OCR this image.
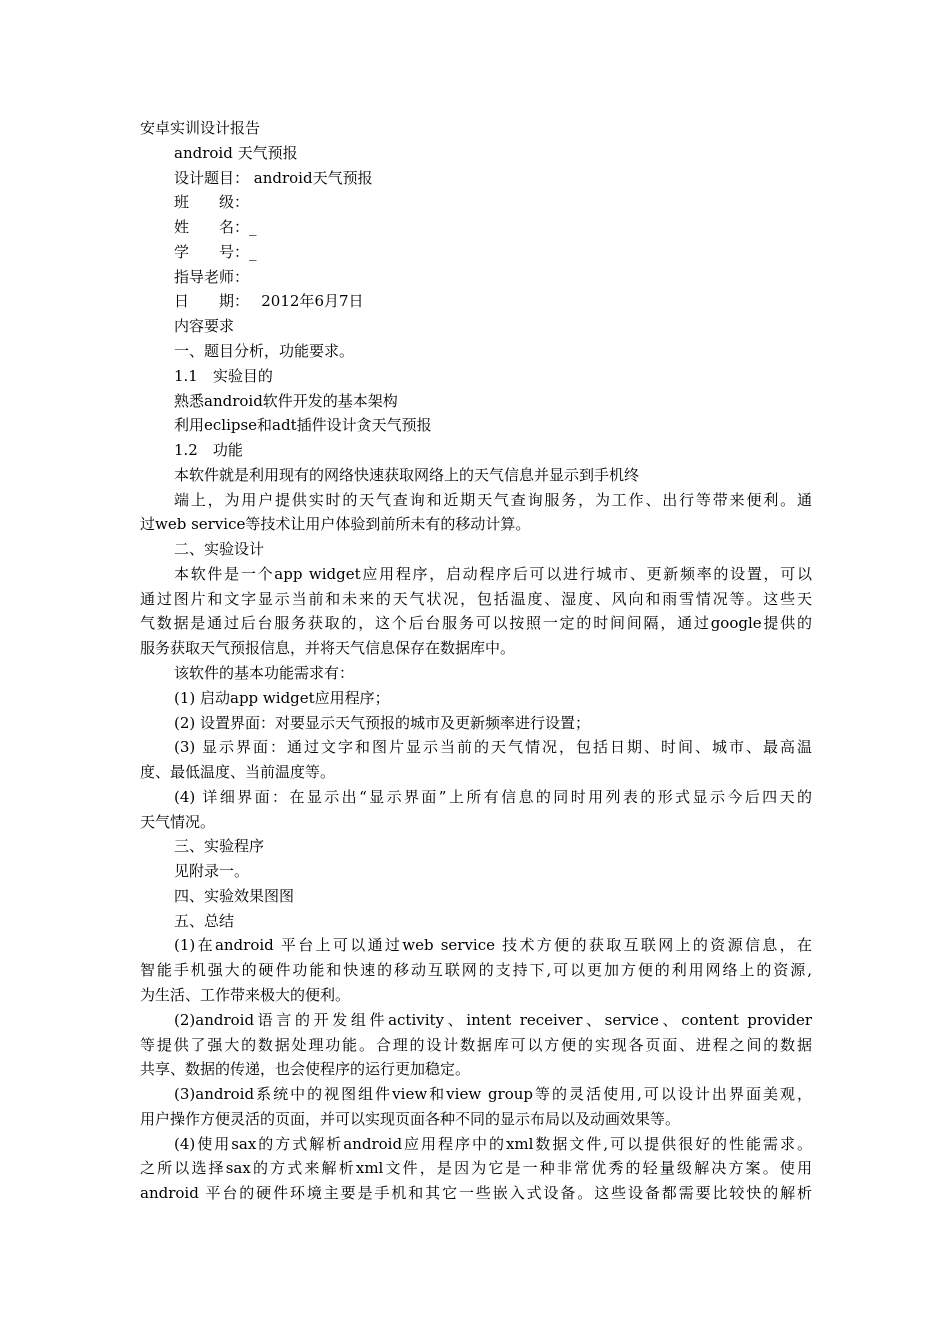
安卓实训设计报告
android 天气预报
设计题目： android天气预报
班　　级：
姓　　名：_
学　　号：_
指导老师：
日　　期：　 2012年6月7日
内容要求
一、题目分析，功能要求。
1.1　实验目的
熟悉android软件开发的基本架构
利用eclipse和adt插件设计贪天气预报
1.2　功能
本软件就是利用现有的网络快速获取网络上的天气信息并显示到手机终
端上，为用户提供实时的天气查询和近期天气查询服务，为工作、出行等带来便利。通
过web service等技术让用户体验到前所未有的移动计算。
二、实验设计
本软件是一个app widget应用程序，启动程序后可以进行城市、更新频率的设置，可以
通过图片和文字显示当前和未来的天气状况，包括温度、湿度、风向和雨雪情况等。这些天
气数据是通过后台服务获取的，这个后台服务可以按照一定的时间间隔，通过google提供的
服务获取天气预报信息，并将天气信息保存在数据库中。
该软件的基本功能需求有：
(1) 启动app widget应用程序；
(2) 设置界面：对要显示天气预报的城市及更新频率进行设置；
(3) 显示界面：通过文字和图片显示当前的天气情况，包括日期、时间、城市、最高温
度、最低温度、当前温度等。
(4) 详细界面：在显示出“显示界面”上所有信息的同时用列表的形式显示今后四天的
天气情况。
三、实验程序
见附录一。
四、实验效果图图
五、总结
(1)在android 平台上可以通过web service 技术方便的获取互联网上的资源信息，在
智能手机强大的硬件功能和快速的移动互联网的支持下,可以更加方便的利用网络上的资源,
为生活、工作带来极大的便利。
(2)android语言的开发组件activity、intent receiver、service、content provider
等提供了强大的数据处理功能。合理的设计数据库可以方便的实现各页面、进程之间的数据
共享、数据的传递，也会使程序的运行更加稳定。
(3)android系统中的视图组件view和view group等的灵活使用,可以设计出界面美观，
用户操作方便灵活的页面，并可以实现页面各种不同的显示布局以及动画效果等。
(4)使用sax的方式解析android应用程序中的xml数据文件,可以提供很好的性能需求。
之所以选择sax的方式来解析xml文件，是因为它是一种非常优秀的轻量级解决方案。使用
android 平台的硬件环境主要是手机和其它一些嵌入式设备。这些设备都需要比较快的解析
